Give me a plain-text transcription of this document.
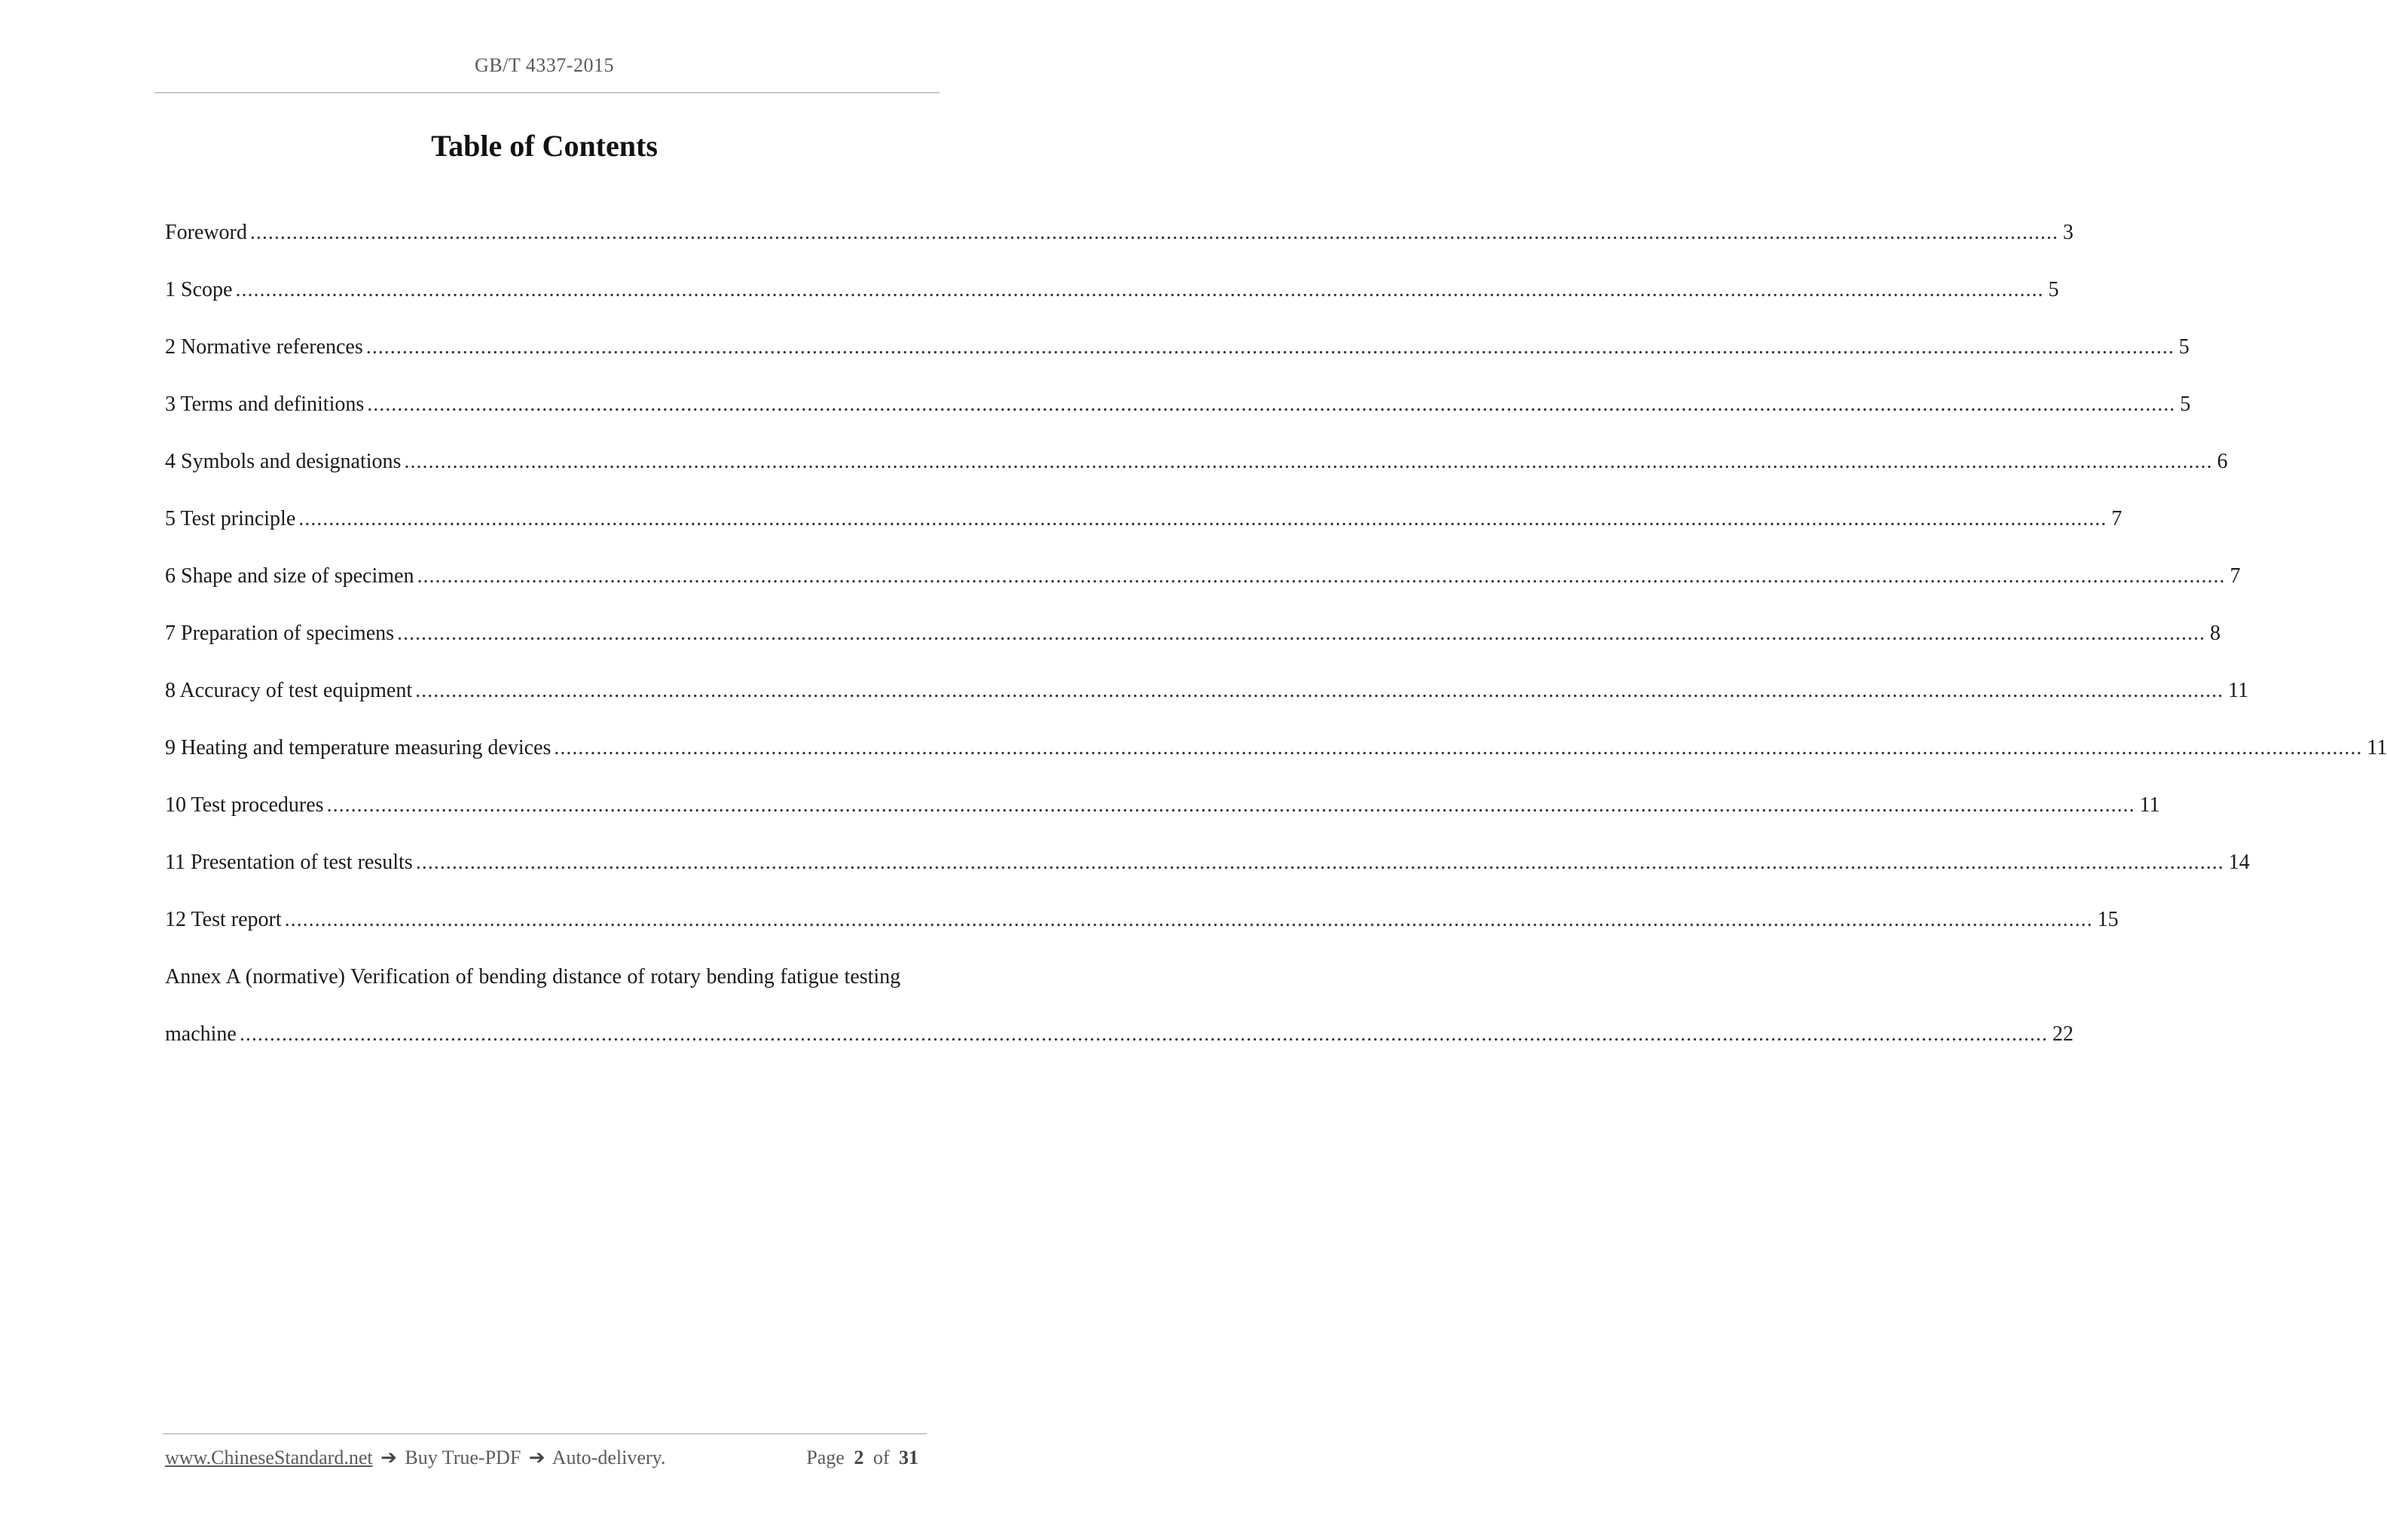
GB/T 4337-2015
Table of Contents
Foreword ............................................................................................................................................................................................................................................................................................................ 3
1 Scope ............................................................................................................................................................................................................................................................................................................ 5
2 Normative references ............................................................................................................................................................................................................................................................................................................ 5
3 Terms and definitions ............................................................................................................................................................................................................................................................................................................ 5
4 Symbols and designations ............................................................................................................................................................................................................................................................................................................ 6
5 Test principle ............................................................................................................................................................................................................................................................................................................ 7
6 Shape and size of specimen ............................................................................................................................................................................................................................................................................................................ 7
7 Preparation of specimens ............................................................................................................................................................................................................................................................................................................ 8
8 Accuracy of test equipment ............................................................................................................................................................................................................................................................................................................ 11
9 Heating and temperature measuring devices ............................................................................................................................................................................................................................................................................................................ 11
10 Test procedures ............................................................................................................................................................................................................................................................................................................ 11
11 Presentation of test results ............................................................................................................................................................................................................................................................................................................ 14
12 Test report ............................................................................................................................................................................................................................................................................................................ 15
Annex A (normative) Verification of bending distance of rotary bending fatigue testing
machine ............................................................................................................................................................................................................................................................................................................ 22
www.ChineseStandard.net ➔ Buy True-PDF ➔ Auto-delivery.	Page 2 of 31
